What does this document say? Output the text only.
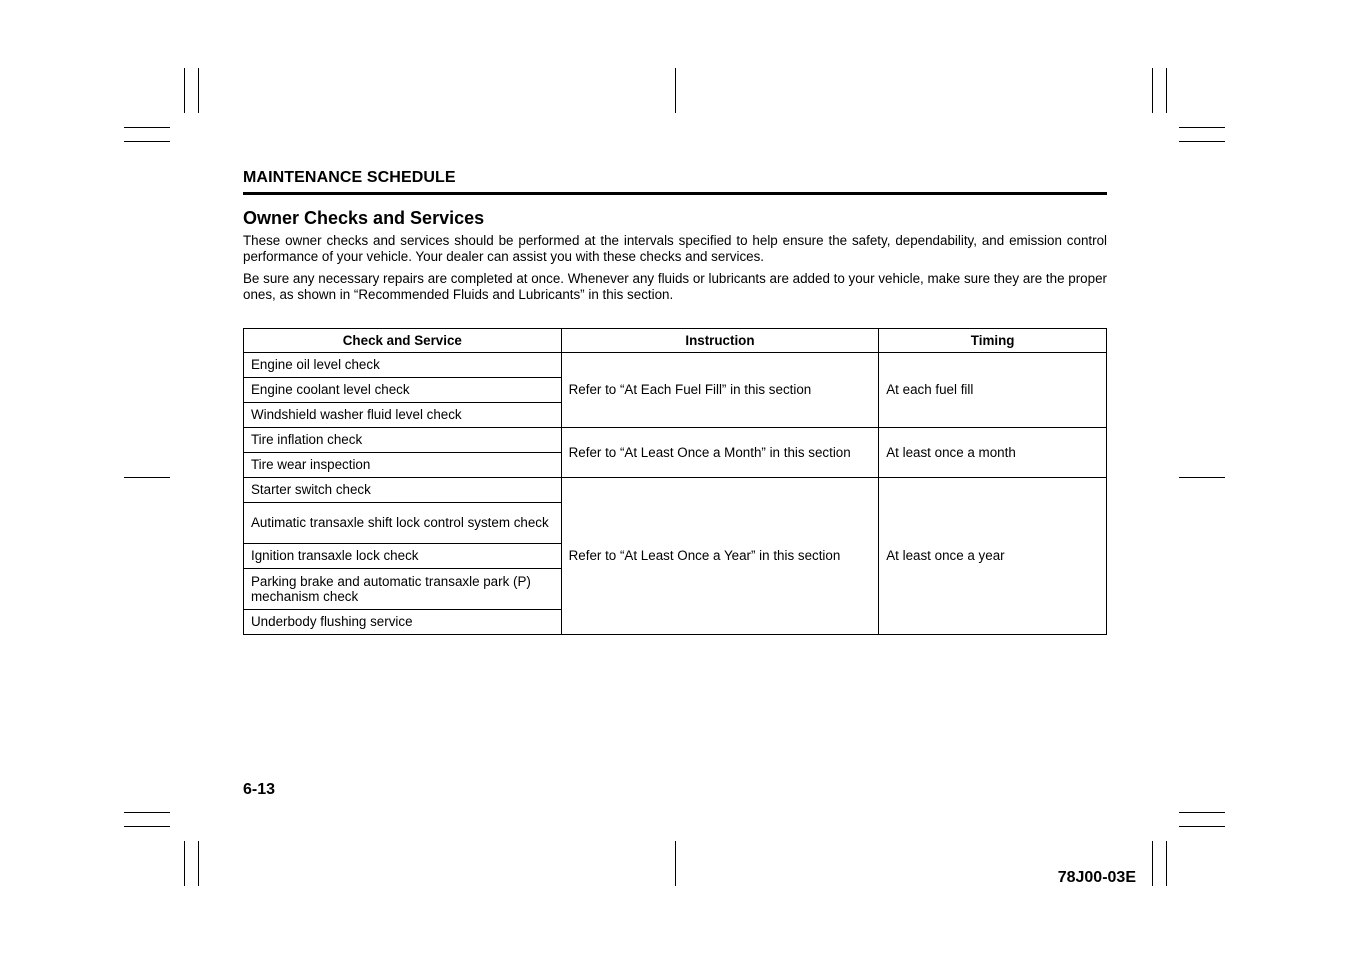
MAINTENANCE SCHEDULE
Owner Checks and Services
These owner checks and services should be performed at the intervals specified to help ensure the safety, dependability, and emission control performance of your vehicle. Your dealer can assist you with these checks and services.
Be sure any necessary repairs are completed at once. Whenever any fluids or lubricants are added to your vehicle, make sure they are the proper ones, as shown in “Recommended Fluids and Lubricants” in this section.
Check and Service	Instruction	Timing
Engine oil level check	Refer to “At Each Fuel Fill” in this section	At each fuel fill
Engine coolant level check		
Windshield washer fluid level check		
Tire inflation check	Refer to “At Least Once a Month” in this section	At least once a month
Tire wear inspection		
Starter switch check	Refer to “At Least Once a Year” in this section	At least once a year
Autimatic transaxle shift lock control system check		
Ignition transaxle lock check		
Parking brake and automatic transaxle park (P) mechanism check		
Underbody flushing service		
6-13
78J00-03E
